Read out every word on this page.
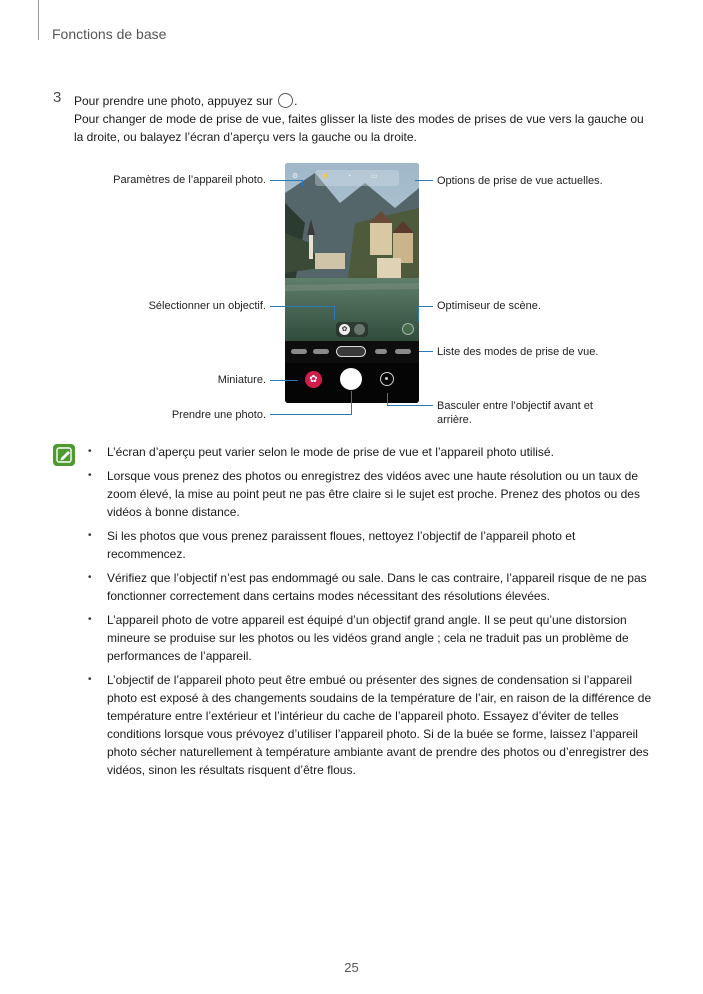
Fonctions de base
3 Pour prendre une photo, appuyez sur .
Pour changer de mode de prise de vue, faites glisser la liste des modes de prises de vue vers la gauche ou la droite, ou balayez l’écran d’aperçu vers la gauche ou la droite.
⚡ ◔	▭
⚙
✿
✿
Paramètres de l’appareil photo.	Options de prise de vue actuelles.
Sélectionner un objectif.	Optimiseur de scène.
Liste des modes de prise de vue.
Miniature.
Prendre une photo.
Basculer entre l’objectif avant et arrière.
• L’écran d’aperçu peut varier selon le mode de prise de vue et l’appareil photo utilisé.
• Lorsque vous prenez des photos ou enregistrez des vidéos avec une haute résolution ou un taux de zoom élevé, la mise au point peut ne pas être claire si le sujet est proche. Prenez des photos ou des vidéos à bonne distance.
• Si les photos que vous prenez paraissent floues, nettoyez l’objectif de l’appareil photo et recommencez.
• Vérifiez que l’objectif n’est pas endommagé ou sale. Dans le cas contraire, l’appareil risque de ne pas fonctionner correctement dans certains modes nécessitant des résolutions élevées.
• L’appareil photo de votre appareil est équipé d’un objectif grand angle. Il se peut qu’une distorsion mineure se produise sur les photos ou les vidéos grand angle ; cela ne traduit pas un problème de performances de l’appareil.
• L’objectif de l’appareil photo peut être embué ou présenter des signes de condensation si l’appareil photo est exposé à des changements soudains de la température de l’air, en raison de la différence de température entre l’extérieur et l’intérieur du cache de l’appareil photo. Essayez d’éviter de telles conditions lorsque vous prévoyez d’utiliser l’appareil photo. Si de la buée se forme, laissez l’appareil photo sécher naturellement à température ambiante avant de prendre des photos ou d’enregistrer des vidéos, sinon les résultats risquent d’être flous.
25
